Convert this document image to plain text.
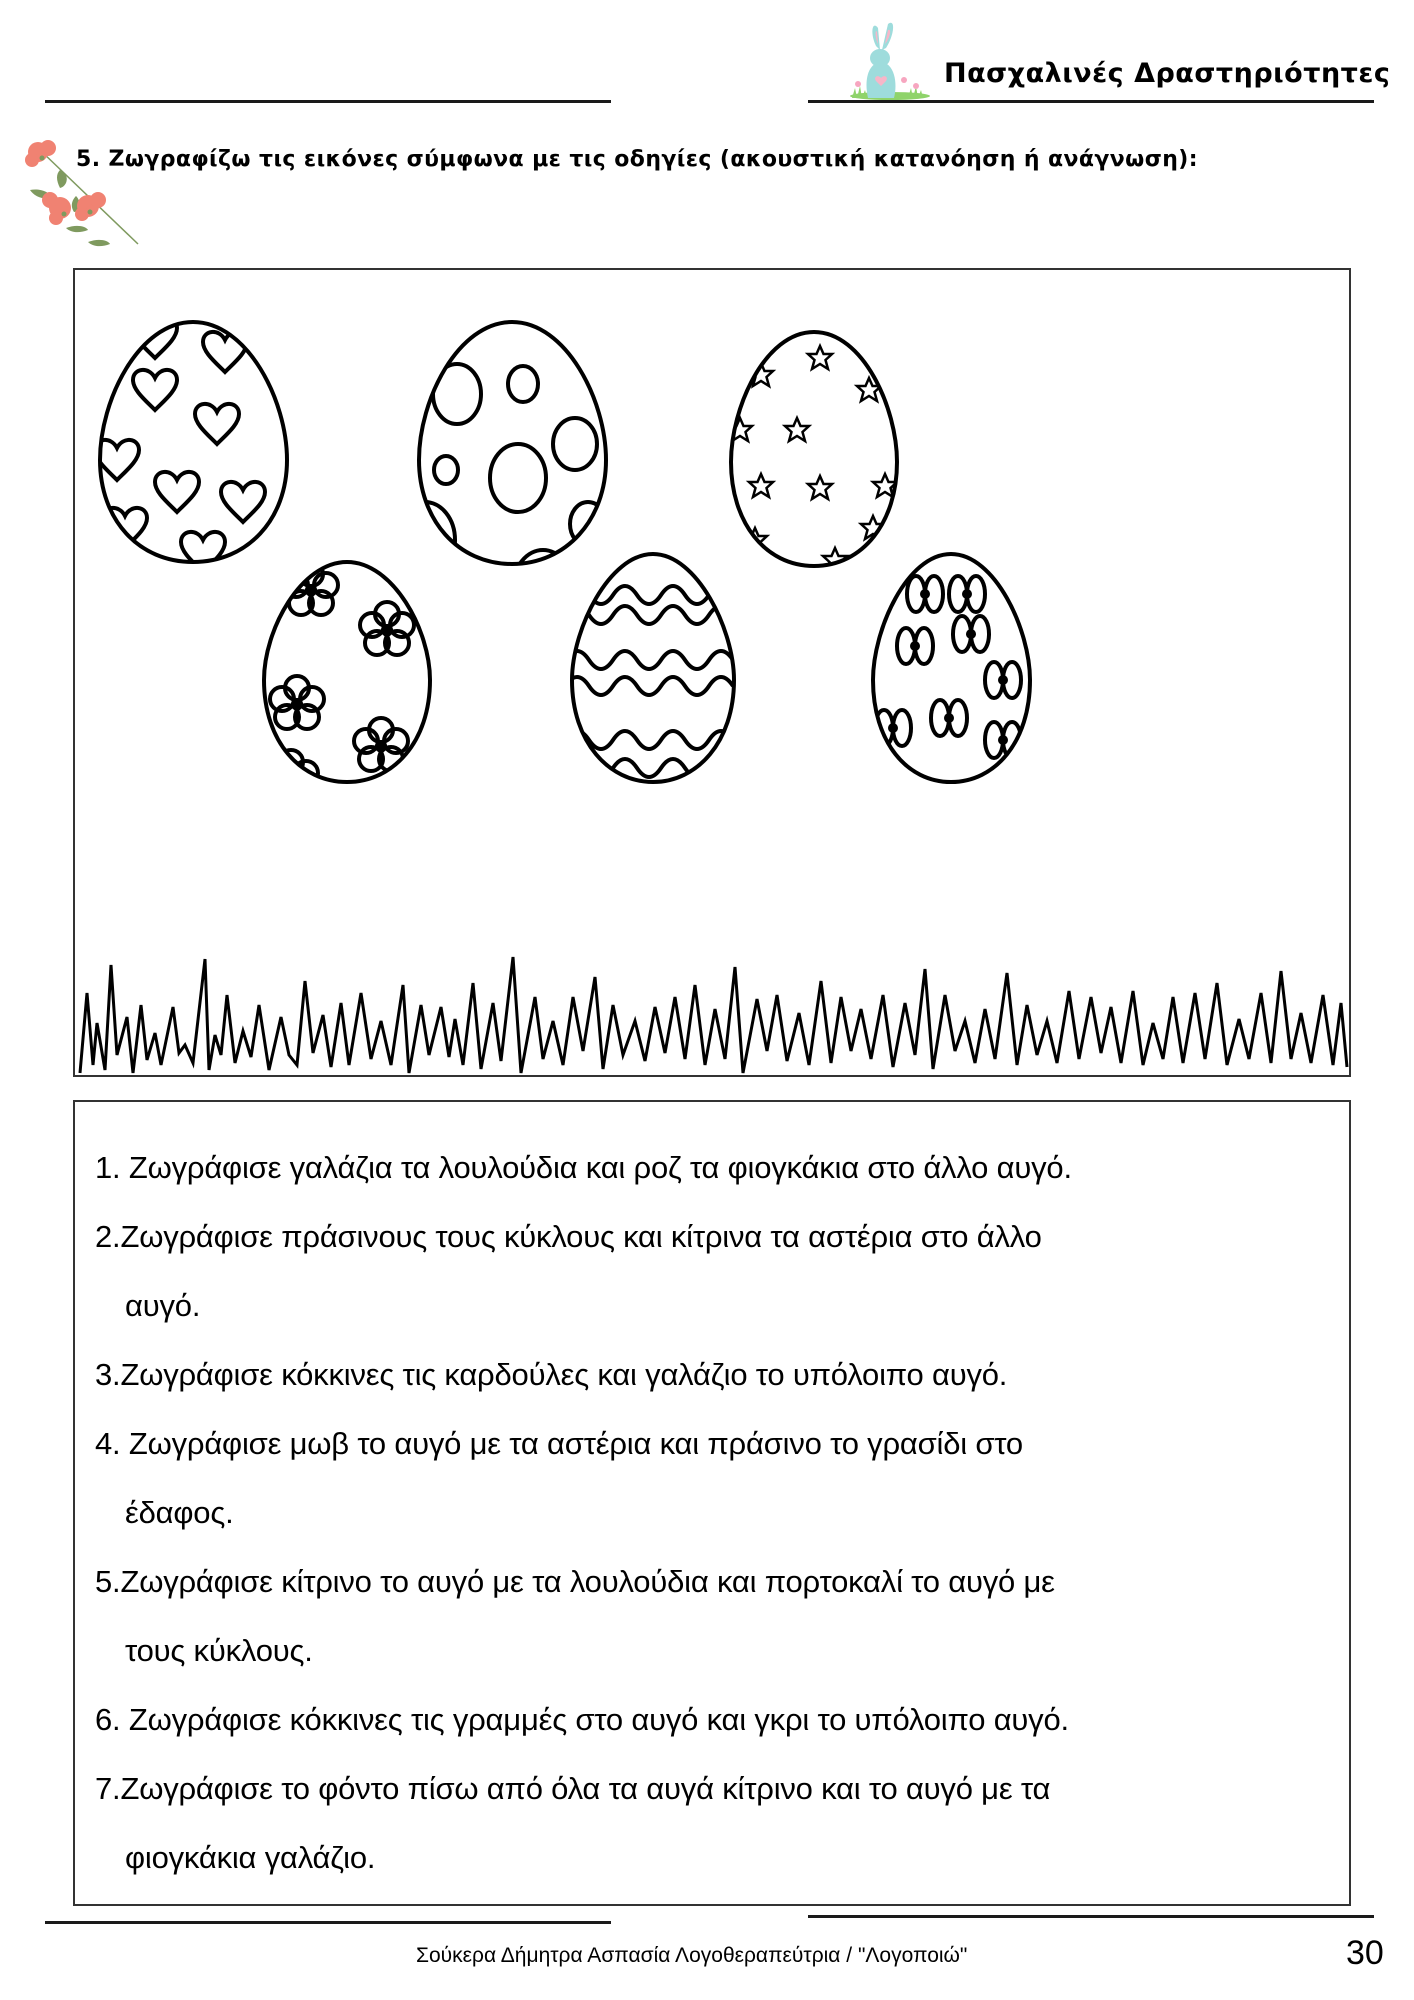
Πασχαλινές Δραστηριότητες
5. Ζωγραφίζω τις εικόνες σύμφωνα με τις οδηγίες (ακουστική κατανόηση ή ανάγνωση):
1. Ζωγράφισε γαλάζια τα λουλούδια και ροζ τα φιογκάκια στο άλλο αυγό.
2.Ζωγράφισε πράσινους τους κύκλους και κίτρινα τα αστέρια στο άλλο
αυγό.
3.Ζωγράφισε κόκκινες τις καρδούλες και γαλάζιο το υπόλοιπο αυγό.
4. Ζωγράφισε μωβ το αυγό με τα αστέρια και πράσινο το γρασίδι στο
έδαφος.
5.Ζωγράφισε κίτρινο το αυγό με τα λουλούδια και πορτοκαλί το αυγό με
τους κύκλους.
6. Ζωγράφισε κόκκινες τις γραμμές στο αυγό και γκρι το υπόλοιπο αυγό.
7.Ζωγράφισε το φόντο πίσω από όλα τα αυγά κίτρινο και το αυγό με τα
φιογκάκια γαλάζιο.
Σούκερα Δήμητρα Ασπασία Λογοθεραπεύτρια / "Λογοποιώ"	30
